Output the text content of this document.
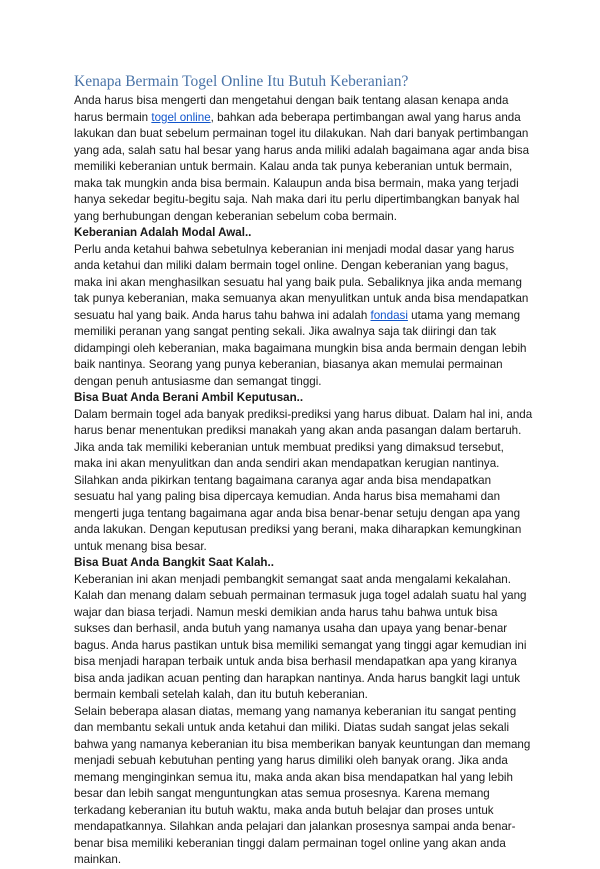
Kenapa Bermain Togel Online Itu Butuh Keberanian?

Anda harus bisa mengerti dan mengetahui dengan baik tentang alasan kenapa anda harus bermain togel online, bahkan ada beberapa pertimbangan awal yang harus anda lakukan dan buat sebelum permainan togel itu dilakukan. Nah dari banyak pertimbangan yang ada, salah satu hal besar yang harus anda miliki adalah bagaimana agar anda bisa memiliki keberanian untuk bermain. Kalau anda tak punya keberanian untuk bermain, maka tak mungkin anda bisa bermain. Kalaupun anda bisa bermain, maka yang terjadi hanya sekedar begitu-begitu saja. Nah maka dari itu perlu dipertimbangkan banyak hal yang berhubungan dengan keberanian sebelum coba bermain.

Keberanian Adalah Modal Awal..

Perlu anda ketahui bahwa sebetulnya keberanian ini menjadi modal dasar yang harus anda ketahui dan miliki dalam bermain togel online. Dengan keberanian yang bagus, maka ini akan menghasilkan sesuatu hal yang baik pula. Sebaliknya jika anda memang tak punya keberanian, maka semuanya akan menyulitkan untuk anda bisa mendapatkan sesuatu hal yang baik. Anda harus tahu bahwa ini adalah fondasi utama yang memang memiliki peranan yang sangat penting sekali. Jika awalnya saja tak diiringi dan tak didampingi oleh keberanian, maka bagaimana mungkin bisa anda bermain dengan lebih baik nantinya. Seorang yang punya keberanian, biasanya akan memulai permainan dengan penuh antusiasme dan semangat tinggi.

Bisa Buat Anda Berani Ambil Keputusan..

Dalam bermain togel ada banyak prediksi-prediksi yang harus dibuat. Dalam hal ini, anda harus benar menentukan prediksi manakah yang akan anda pasangan dalam bertaruh. Jika anda tak memiliki keberanian untuk membuat prediksi yang dimaksud tersebut, maka ini akan menyulitkan dan anda sendiri akan mendapatkan kerugian nantinya. Silahkan anda pikirkan tentang bagaimana caranya agar anda bisa mendapatkan sesuatu hal yang paling bisa dipercaya kemudian. Anda harus bisa memahami dan mengerti juga tentang bagaimana agar anda bisa benar-benar setuju dengan apa yang anda lakukan. Dengan keputusan prediksi yang berani, maka diharapkan kemungkinan untuk menang bisa besar.

Bisa Buat Anda Bangkit Saat Kalah..

Keberanian ini akan menjadi pembangkit semangat saat anda mengalami kekalahan. Kalah dan menang dalam sebuah permainan termasuk juga togel adalah suatu hal yang wajar dan biasa terjadi. Namun meski demikian anda harus tahu bahwa untuk bisa sukses dan berhasil, anda butuh yang namanya usaha dan upaya yang benar-benar bagus. Anda harus pastikan untuk bisa memiliki semangat yang tinggi agar kemudian ini bisa menjadi harapan terbaik untuk anda bisa berhasil mendapatkan apa yang kiranya bisa anda jadikan acuan penting dan harapkan nantinya. Anda harus bangkit lagi untuk bermain kembali setelah kalah, dan itu butuh keberanian.

Selain beberapa alasan diatas, memang yang namanya keberanian itu sangat penting dan membantu sekali untuk anda ketahui dan miliki. Diatas sudah sangat jelas sekali bahwa yang namanya keberanian itu bisa memberikan banyak keuntungan dan memang menjadi sebuah kebutuhan penting yang harus dimiliki oleh banyak orang. Jika anda memang menginginkan semua itu, maka anda akan bisa mendapatkan hal yang lebih besar dan lebih sangat menguntungkan atas semua prosesnya. Karena memang terkadang keberanian itu butuh waktu, maka anda butuh belajar dan proses untuk mendapatkannya. Silahkan anda pelajari dan jalankan prosesnya sampai anda benar-benar bisa memiliki keberanian tinggi dalam permainan togel online yang akan anda mainkan.
